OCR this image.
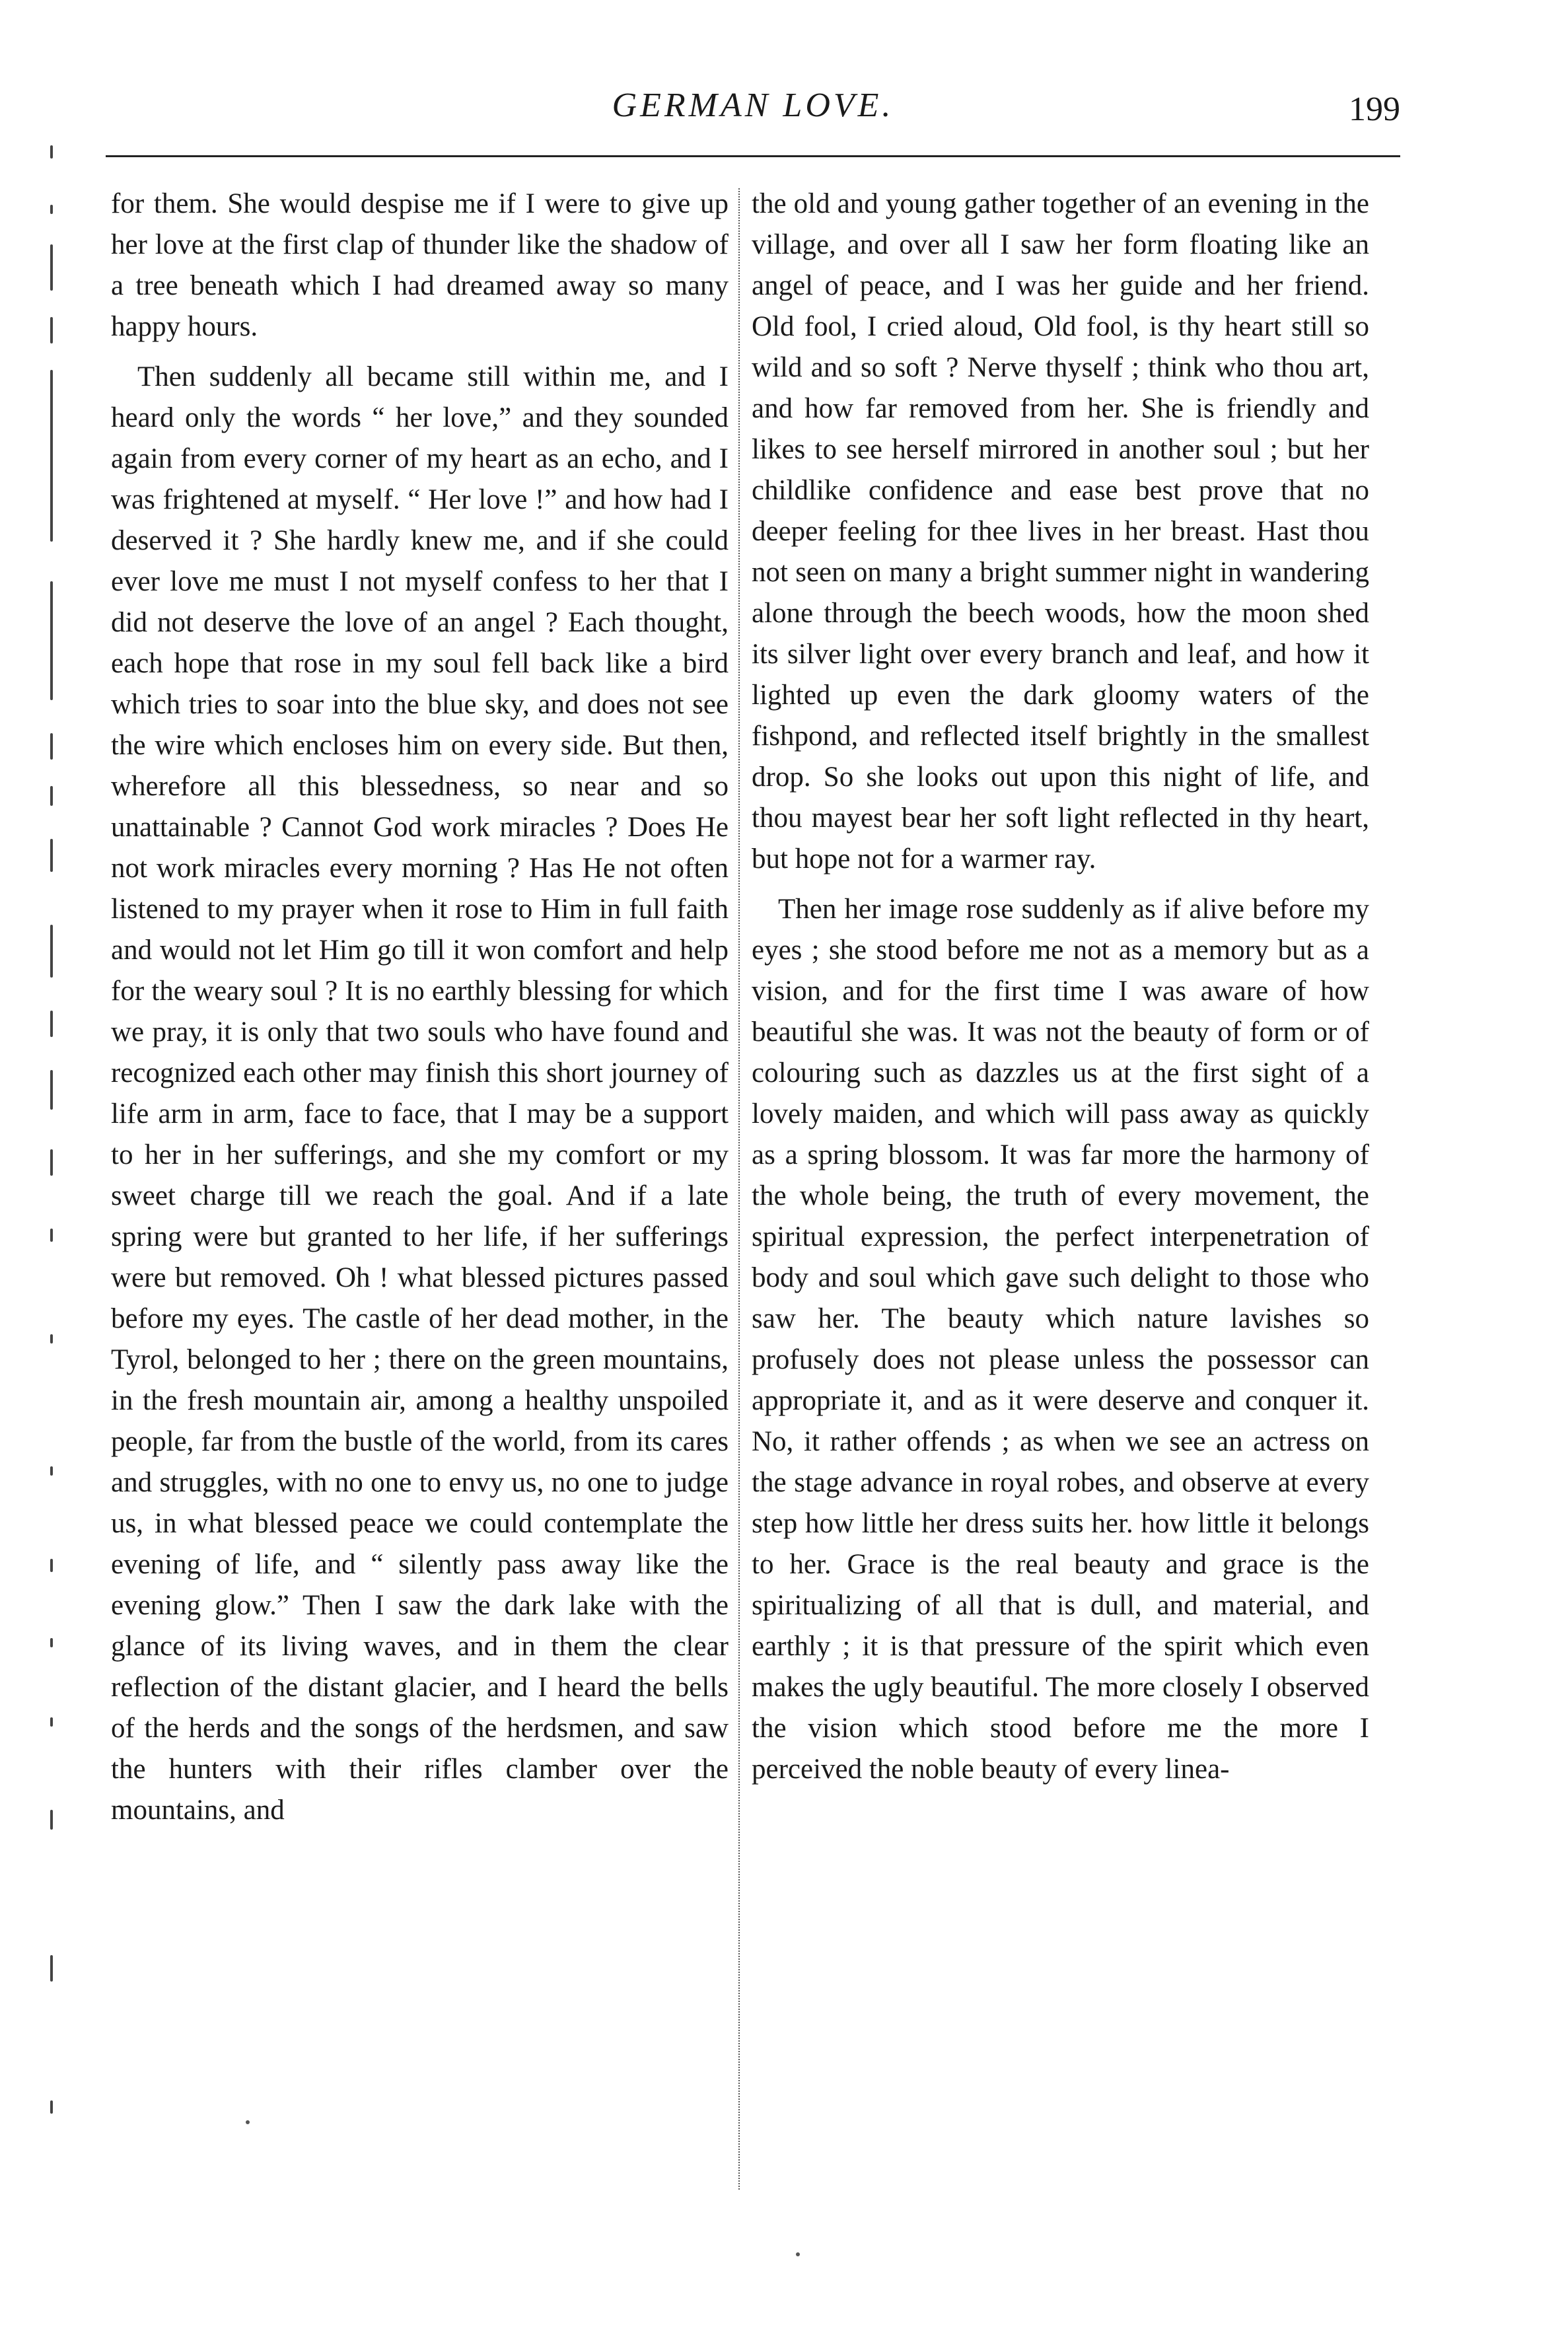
GERMAN LOVE.	199

for them. She would despise me if I were to give up her love at the first clap of thunder like the shadow of a tree beneath which I had dreamed away so many happy hours.

Then suddenly all became still within me, and I heard only the words “ her love,” and they sounded again from every corner of my heart as an echo, and I was frightened at myself. “ Her love !” and how had I deserved it ? She hardly knew me, and if she could ever love me must I not myself confess to her that I did not deserve the love of an angel ? Each thought, each hope that rose in my soul fell back like a bird which tries to soar into the blue sky, and does not see the wire which encloses him on every side. But then, wherefore all this blessedness, so near and so unattainable ? Cannot God work miracles ? Does He not work miracles every morning ? Has He not often listened to my prayer when it rose to Him in full faith and would not let Him go till it won comfort and help for the weary soul ? It is no earthly blessing for which we pray, it is only that two souls who have found and recognized each other may finish this short journey of life arm in arm, face to face, that I may be a support to her in her sufferings, and she my comfort or my sweet charge till we reach the goal. And if a late spring were but granted to her life, if her sufferings were but removed. Oh ! what blessed pictures passed before my eyes. The castle of her dead mother, in the Tyrol, belonged to her ; there on the green mountains, in the fresh mountain air, among a healthy unspoiled people, far from the bustle of the world, from its cares and struggles, with no one to envy us, no one to judge us, in what blessed peace we could contemplate the evening of life, and “ silently pass away like the evening glow.” Then I saw the dark lake with the glance of its living waves, and in them the clear reflection of the distant glacier, and I heard the bells of the herds and the songs of the herdsmen, and saw the hunters with their rifles clamber over the mountains, and

the old and young gather together of an evening in the village, and over all I saw her form floating like an angel of peace, and I was her guide and her friend. Old fool, I cried aloud, Old fool, is thy heart still so wild and so soft ? Nerve thyself ; think who thou art, and how far removed from her. She is friendly and likes to see herself mirrored in another soul ; but her childlike confidence and ease best prove that no deeper feeling for thee lives in her breast. Hast thou not seen on many a bright summer night in wandering alone through the beech woods, how the moon shed its silver light over every branch and leaf, and how it lighted up even the dark gloomy waters of the fishpond, and reflected itself brightly in the smallest drop. So she looks out upon this night of life, and thou mayest bear her soft light reflected in thy heart, but hope not for a warmer ray.

Then her image rose suddenly as if alive before my eyes ; she stood before me not as a memory but as a vision, and for the first time I was aware of how beautiful she was. It was not the beauty of form or of colouring such as dazzles us at the first sight of a lovely maiden, and which will pass away as quickly as a spring blossom. It was far more the harmony of the whole being, the truth of every movement, the spiritual expression, the perfect interpenetration of body and soul which gave such delight to those who saw her. The beauty which nature lavishes so profusely does not please unless the possessor can appropriate it, and as it were deserve and conquer it. No, it rather offends ; as when we see an actress on the stage advance in royal robes, and observe at every step how little her dress suits her. how little it belongs to her. Grace is the real beauty and grace is the spiritualizing of all that is dull, and material, and earthly ; it is that pressure of the spirit which even makes the ugly beautiful. The more closely I observed the vision which stood before me the more I perceived the noble beauty of every linea-
